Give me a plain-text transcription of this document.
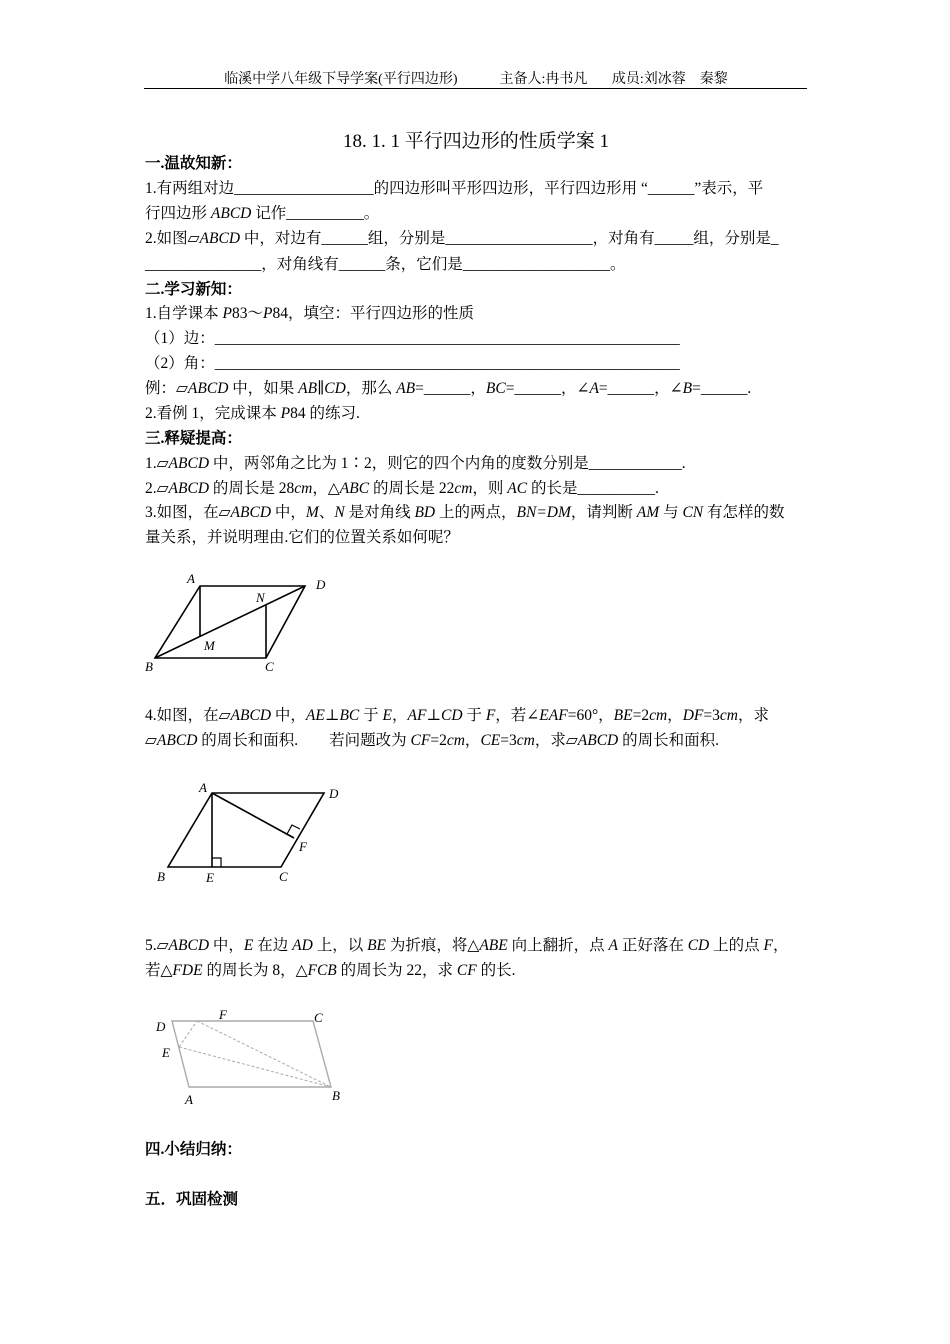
临溪中学八年级下导学案(平行四边形)	主备人:冉书凡 成员:刘冰蓉　秦黎
18. 1. 1 平行四边形的性质学案 1
一.温故知新：
1.有两组对边__________________的四边形叫平形四边形，平行四边形用 “______”表示，平
行四边形 ABCD 记作__________。
2.如图▱ABCD 中，对边有______组，分别是___________________，对角有_____组，分别是_
_______________，对角线有______条，它们是___________________。
二.学习新知：
1.自学课本 P83～P84，填空：平行四边形的性质
（1）边：____________________________________________________________
（2）角：____________________________________________________________
例：▱ABCD 中，如果 AB∥CD，那么 AB=______，BC=______，∠A=______，∠B=______.
2.看例 1，完成课本 P84 的练习.
三.释疑提高：
1.▱ABCD 中，两邻角之比为 1∶2，则它的四个内角的度数分别是____________.
2.▱ABCD 的周长是 28cm，△ABC 的周长是 22cm，则 AC 的长是__________.
3.如图，在▱ABCD 中，M、N 是对角线 BD 上的两点，BN=DM，请判断 AM 与 CN 有怎样的数
量关系，并说明理由.它们的位置关系如何呢？
4.如图，在▱ABCD 中，AE⊥BC 于 E，AF⊥CD 于 F，若∠EAF=60°，BE=2cm，DF=3cm，求
▱ABCD 的周长和面积.　　若问题改为 CF=2cm，CE=3cm，求▱ABCD 的周长和面积.
5.▱ABCD 中，E 在边 AD 上，以 BE 为折痕，将△ABE 向上翻折，点 A 正好落在 CD 上的点 F，
若△FDE 的周长为 8，△FCB 的周长为 22，求 CF 的长.
四.小结归纳：
五．巩固检测
A	D
N
M
B	C
A	D
F
B	E	C
D
F	C
E
A	B
